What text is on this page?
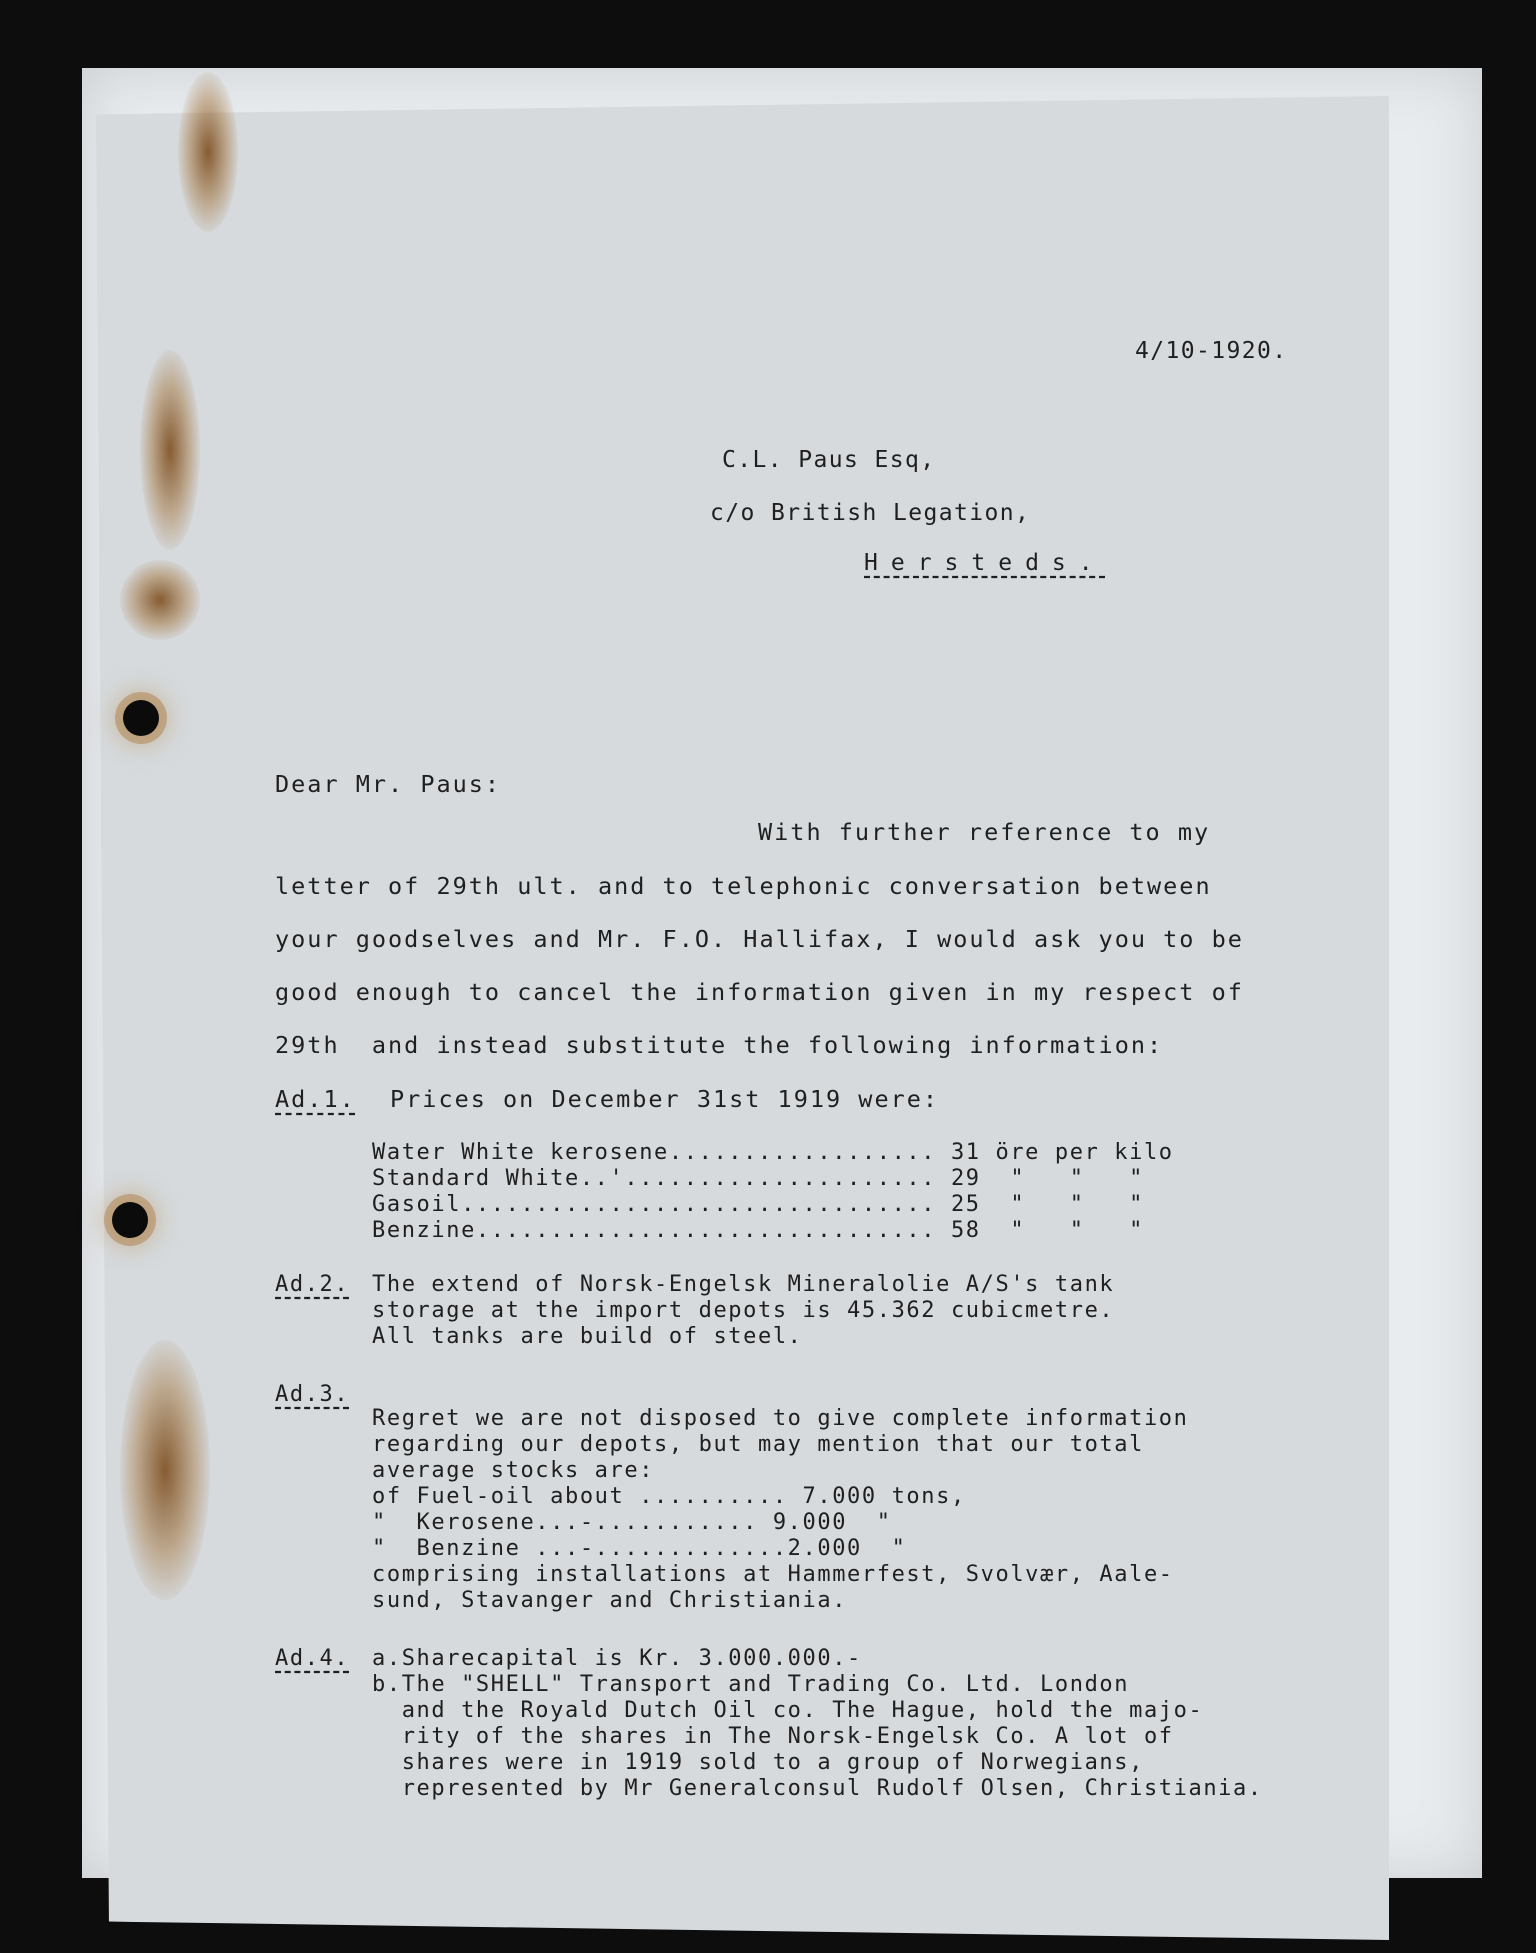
4/10-1920.
C.L. Paus Esq,
c/o British Legation,
Hersteds.
Dear Mr. Paus:
With further reference to my
letter of 29th ult. and to telephonic conversation between
your goodselves and Mr. F.O. Hallifax, I would ask you to be
good enough to cancel the information given in my respect of
29th  and instead substitute the following information:
Ad.1. Prices on December 31st 1919 were:
Water White kerosene.................. 31 öre per kilo
Standard White..'..................... 29  "   "   "
Gasoil................................ 25  "   "   "
Benzine............................... 58  "   "   "
Ad.2. The extend of Norsk-Engelsk Mineralolie A/S's tank
storage at the import depots is 45.362 cubicmetre.
All tanks are build of steel.
Ad.3.
Regret we are not disposed to give complete information
regarding our depots, but may mention that our total
average stocks are:
of Fuel-oil about .......... 7.000 tons,
"  Kerosene...-........... 9.000  "
"  Benzine ...-.............2.000  "
comprising installations at Hammerfest, Svolvær, Aale-
sund, Stavanger and Christiania.
Ad.4. a.Sharecapital is Kr. 3.000.000.-
b.The "SHELL" Transport and Trading Co. Ltd. London
and the Royald Dutch Oil co. The Hague, hold the majo-
rity of the shares in The Norsk-Engelsk Co. A lot of
shares were in 1919 sold to a group of Norwegians,
represented by Mr Generalconsul Rudolf Olsen, Christiania.
